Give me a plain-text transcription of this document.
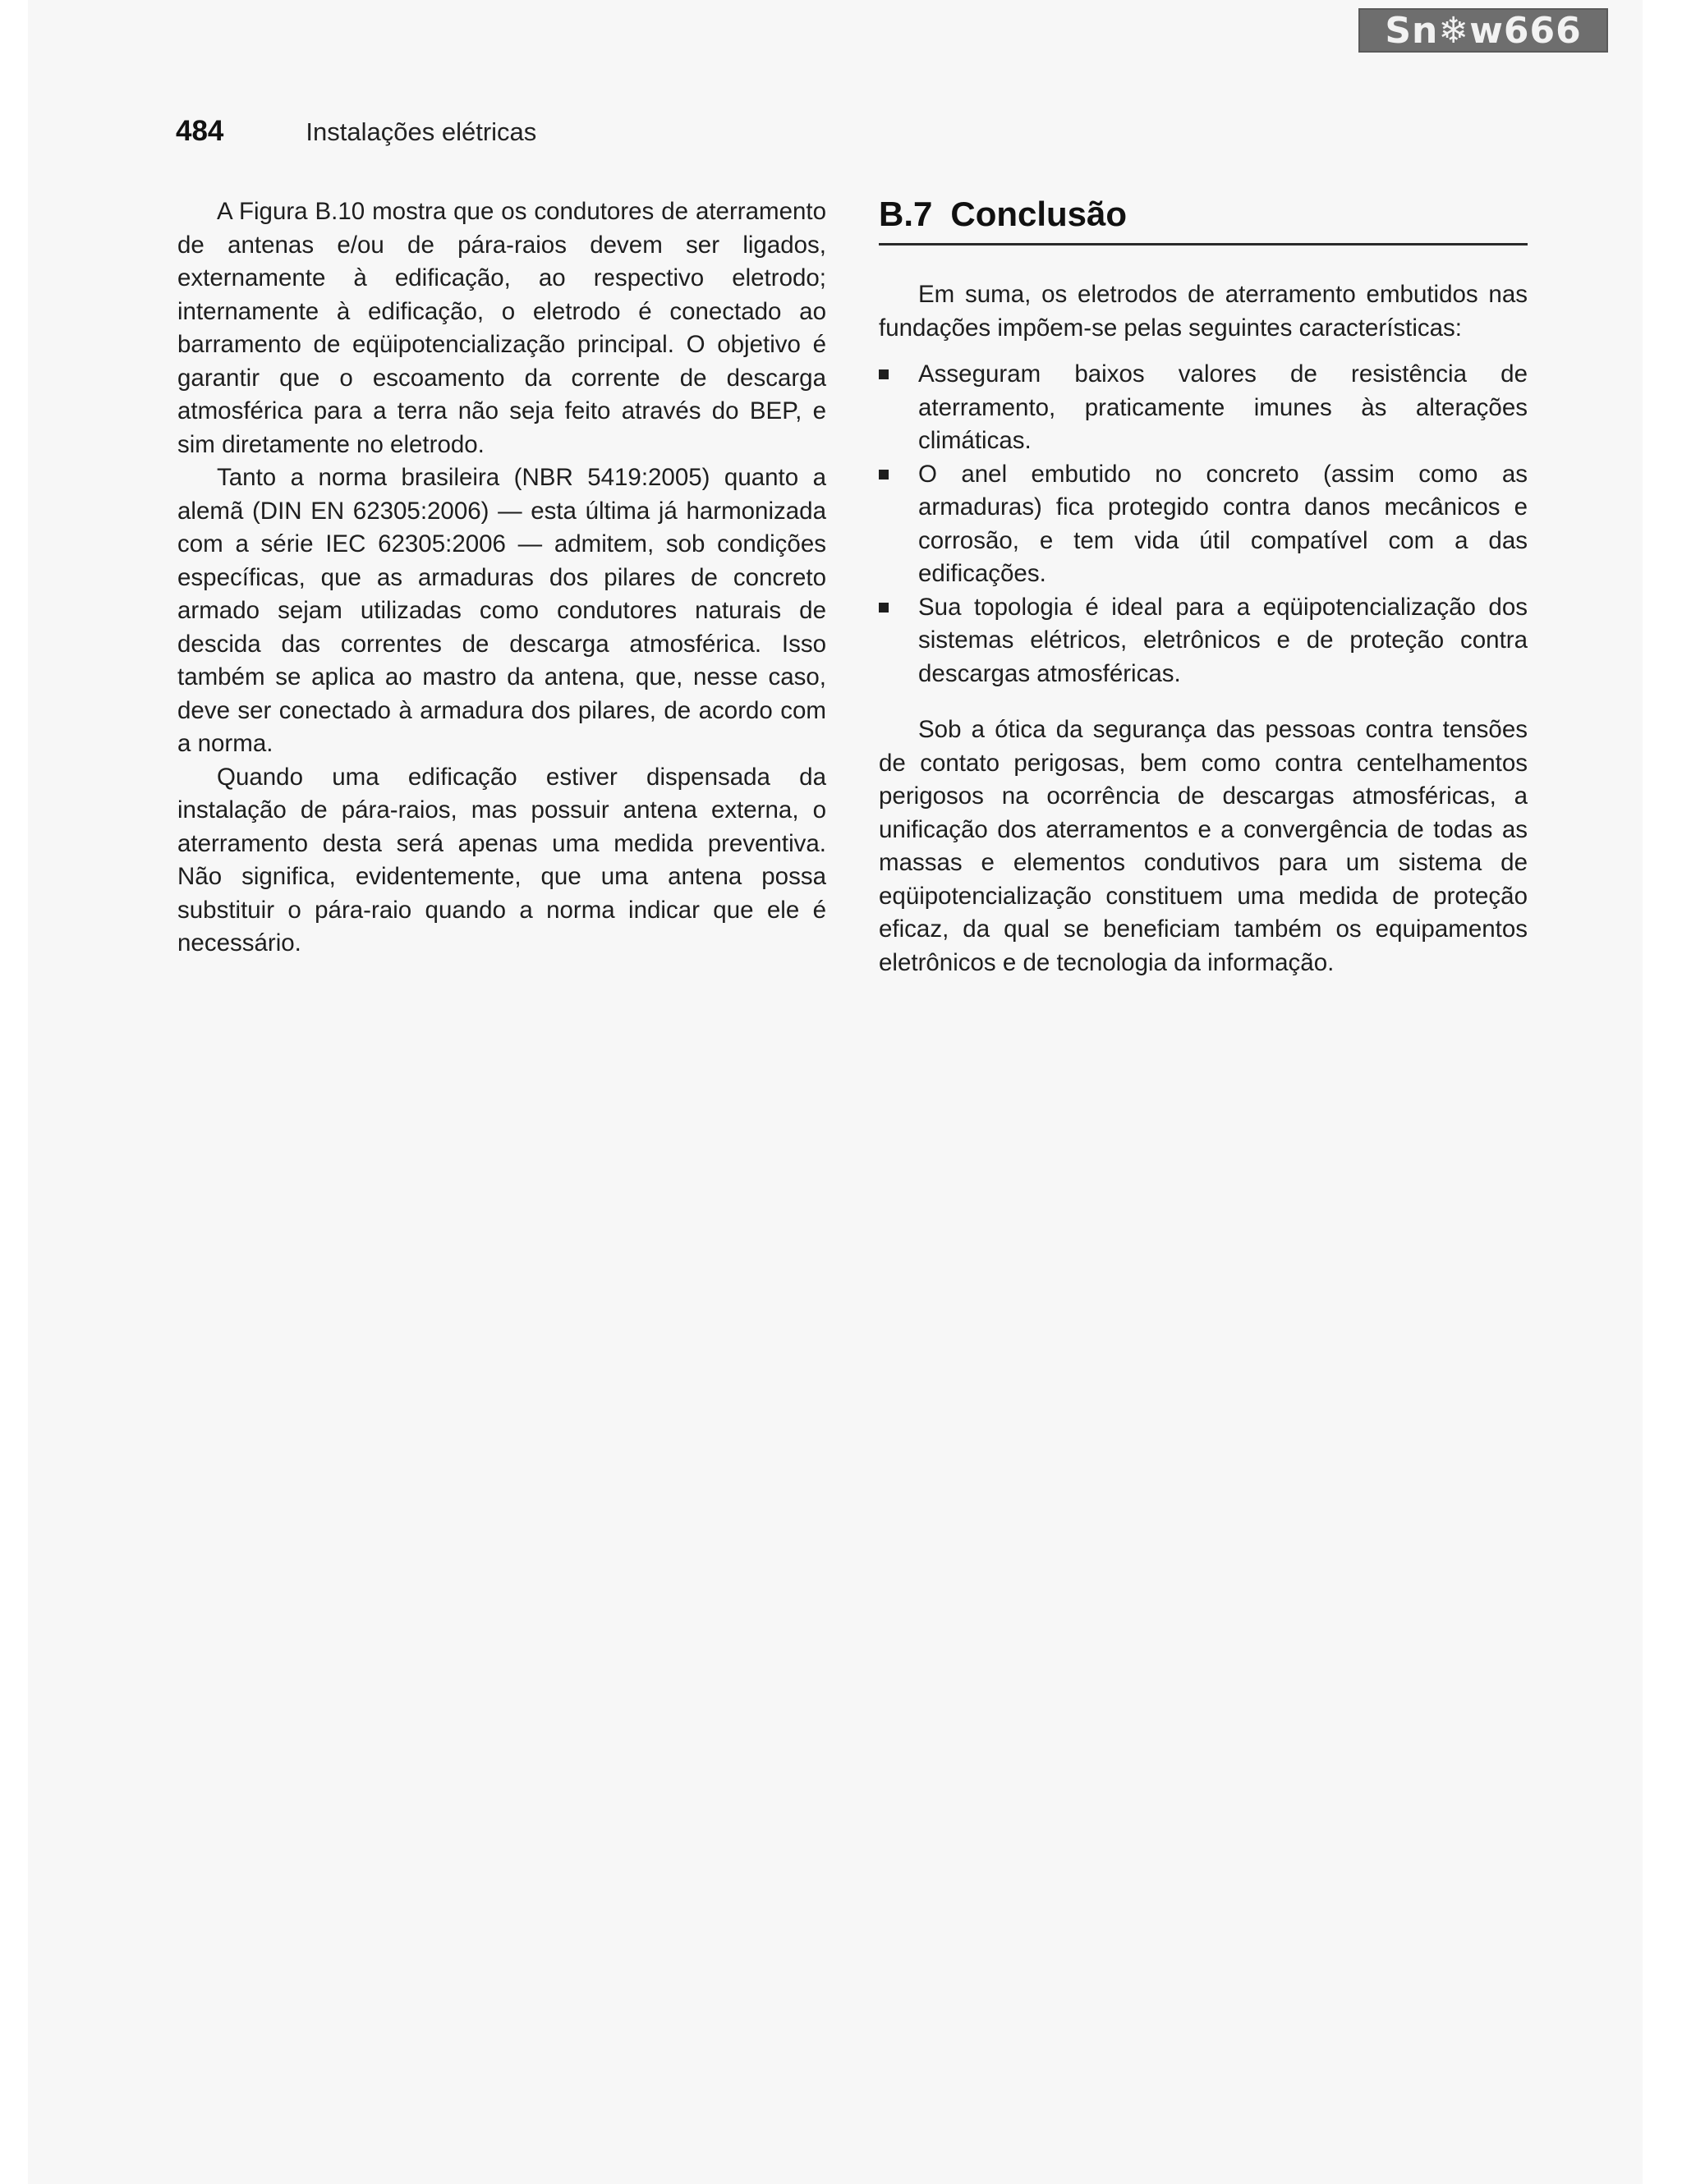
Sn❄w666
484	Instalações elétricas

A Figura B.10 mostra que os condutores de aterramento de antenas e/ou de pára-raios devem ser ligados, externamente à edificação, ao respectivo eletrodo; internamente à edificação, o eletrodo é conectado ao barramento de eqüipotencialização principal. O objetivo é garantir que o escoamento da corrente de descarga atmosférica para a terra não seja feito através do BEP, e sim diretamente no eletrodo.

Tanto a norma brasileira (NBR 5419:2005) quanto a alemã (DIN EN 62305:2006) — esta última já harmonizada com a série IEC 62305:2006 — admitem, sob condições específicas, que as armaduras dos pilares de concreto armado sejam utilizadas como condutores naturais de descida das correntes de descarga atmosférica. Isso também se aplica ao mastro da antena, que, nesse caso, deve ser conectado à armadura dos pilares, de acordo com a norma.

Quando uma edificação estiver dispensada da instalação de pára-raios, mas possuir antena externa, o aterramento desta será apenas uma medida preventiva. Não significa, evidentemente, que uma antena possa substituir o pára-raio quando a norma indicar que ele é necessário.

B.7 Conclusão

Em suma, os eletrodos de aterramento embutidos nas fundações impõem-se pelas seguintes características:

Asseguram baixos valores de resistência de aterramento, praticamente imunes às alterações climáticas.
O anel embutido no concreto (assim como as armaduras) fica protegido contra danos mecânicos e corrosão, e tem vida útil compatível com a das edificações.
Sua topologia é ideal para a eqüipotencialização dos sistemas elétricos, eletrônicos e de proteção contra descargas atmosféricas.

Sob a ótica da segurança das pessoas contra tensões de contato perigosas, bem como contra centelhamentos perigosos na ocorrência de descargas atmosféricas, a unificação dos aterramentos e a convergência de todas as massas e elementos condutivos para um sistema de eqüipotencialização constituem uma medida de proteção eficaz, da qual se beneficiam também os equipamentos eletrônicos e de tecnologia da informação.
